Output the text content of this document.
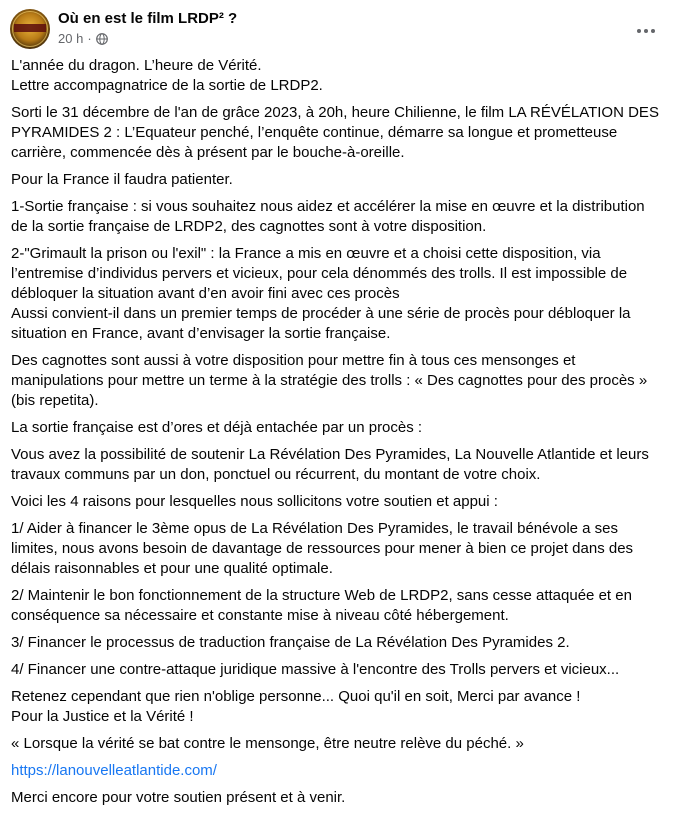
Où en est le film LRDP² ?
20 h ·

L'année du dragon. L’heure de Vérité.
Lettre accompagnatrice de la sortie de LRDP2.

Sorti le 31 décembre de l'an de grâce 2023, à 20h, heure Chilienne, le film LA RÉVÉLATION DES PYRAMIDES 2 : L’Equateur penché, l’enquête continue, démarre sa longue et prometteuse carrière, commencée dès à présent par le bouche-à-oreille.

Pour la France il faudra patienter.

1-Sortie française : si vous souhaitez nous aidez et accélérer la mise en œuvre et la distribution de la sortie française de LRDP2, des cagnottes sont à votre disposition.

2-"Grimault la prison ou l'exil" : la France a mis en œuvre et a choisi cette disposition, via l’entremise d’individus pervers et vicieux, pour cela dénommés des trolls. Il est impossible de débloquer la situation avant d’en avoir fini avec ces procès
Aussi convient-il dans un premier temps de procéder à une série de procès pour débloquer la situation en France, avant d’envisager la sortie française.

Des cagnottes sont aussi à votre disposition pour mettre fin à tous ces mensonges et manipulations pour mettre un terme à la stratégie des trolls : « Des cagnottes pour des procès » (bis repetita).

La sortie française est d’ores et déjà entachée par un procès :

Vous avez la possibilité de soutenir La Révélation Des Pyramides, La Nouvelle Atlantide et leurs travaux communs par un don, ponctuel ou récurrent, du montant de votre choix.

Voici les 4 raisons pour lesquelles nous sollicitons votre soutien et appui :

1/ Aider à financer le 3ème opus de La Révélation Des Pyramides, le travail bénévole a ses limites, nous avons besoin de davantage de ressources pour mener à bien ce projet dans des délais raisonnables et pour une qualité optimale.

2/ Maintenir le bon fonctionnement de la structure Web de LRDP2, sans cesse attaquée et en conséquence sa nécessaire et constante mise à niveau côté hébergement.

3/ Financer le processus de traduction française de La Révélation Des Pyramides 2.

4/ Financer une contre-attaque juridique massive à l'encontre des Trolls pervers et vicieux...

Retenez cependant que rien n'oblige personne... Quoi qu'il en soit, Merci par avance !
Pour la Justice et la Vérité !

« Lorsque la vérité se bat contre le mensonge, être neutre relève du péché. »

https://lanouvelleatlantide.com/

Merci encore pour votre soutien présent et à venir.
